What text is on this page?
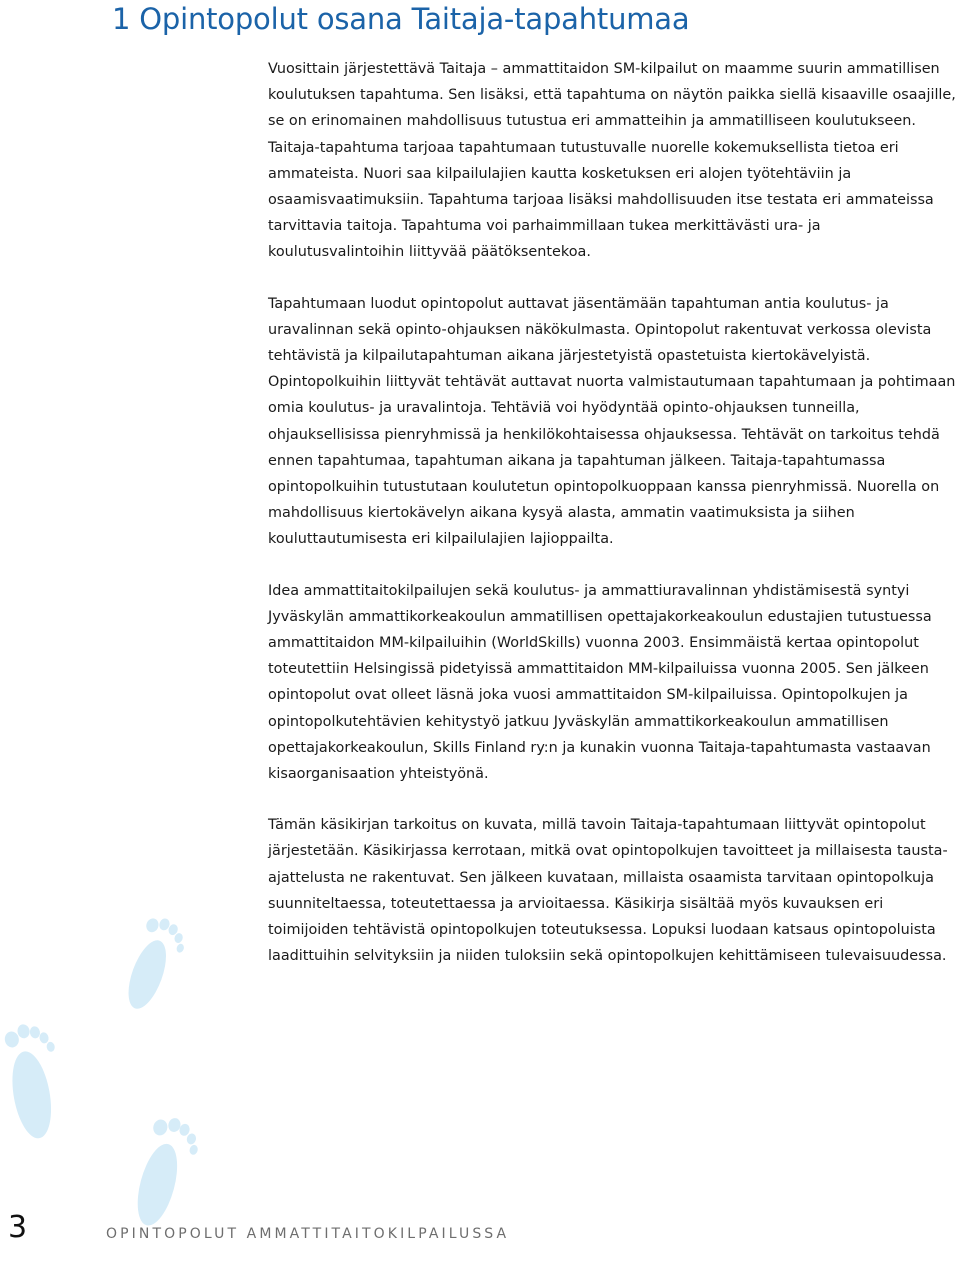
1 Opintopolut osana Taitaja-tapahtumaa

Vuosittain järjestettävä Taitaja – ammattitaidon SM-kilpailut on maamme suurin ammatillisen koulutuksen tapahtuma. Sen lisäksi, että tapahtuma on näytön paikka siellä kisaaville osaajille, se on erinomainen mahdollisuus tutustua eri ammatteihin ja ammatilliseen koulutukseen. Taitaja-tapahtuma tarjoaa tapahtumaan tutustuvalle nuorelle kokemuksellista tietoa eri ammateista. Nuori saa kilpailulajien kautta kosketuksen eri alojen työtehtäviin ja osaamisvaatimuksiin. Tapahtuma tarjoaa lisäksi mahdollisuuden itse testata eri ammateissa tarvittavia taitoja. Tapahtuma voi parhaimmillaan tukea merkittävästi ura- ja koulutusvalintoihin liittyvää päätöksentekoa.

Tapahtumaan luodut opintopolut auttavat jäsentämään tapahtuman antia koulutus- ja uravalinnan sekä opinto-ohjauksen näkökulmasta. Opintopolut rakentuvat verkossa olevista tehtävistä ja kilpailutapahtuman aikana järjestetyistä opastetuista kiertokävelyistä. Opintopolkuihin liittyvät tehtävät auttavat nuorta valmistautumaan tapahtumaan ja pohtimaan omia koulutus- ja uravalintoja. Tehtäviä voi hyödyntää opinto-ohjauksen tunneilla, ohjauksellisissa pienryhmissä ja henkilökohtaisessa ohjauksessa. Tehtävät on tarkoitus tehdä ennen tapahtumaa, tapahtuman aikana ja tapahtuman jälkeen. Taitaja-tapahtumassa opintopolkuihin tutustutaan koulutetun opintopolkuoppaan kanssa pienryhmissä. Nuorella on mahdollisuus kiertokävelyn aikana kysyä alasta, ammatin vaatimuksista ja siihen kouluttautumisesta eri kilpailulajien lajioppailta.

Idea ammattitaitokilpailujen sekä koulutus- ja ammattiuravalinnan yhdistämisestä syntyi Jyväskylän ammattikorkeakoulun ammatillisen opettajakorkeakoulun edustajien tutustuessa ammattitaidon MM-kilpailuihin (WorldSkills) vuonna 2003. Ensimmäistä kertaa opintopolut toteutettiin Helsingissä pidetyissä ammattitaidon MM-kilpailuissa vuonna 2005. Sen jälkeen opintopolut ovat olleet läsnä joka vuosi ammattitaidon SM-kilpailuissa. Opintopolkujen ja opintopolkutehtävien kehitystyö jatkuu Jyväskylän ammattikorkeakoulun ammatillisen opettajakorkeakoulun, Skills Finland ry:n ja kunakin vuonna Taitaja-tapahtumasta vastaavan kisaorganisaation yhteistyönä.

Tämän käsikirjan tarkoitus on kuvata, millä tavoin Taitaja-tapahtumaan liittyvät opintopolut järjestetään. Käsikirjassa kerrotaan, mitkä ovat opintopolkujen tavoitteet ja millaisesta tausta-ajattelusta ne rakentuvat. Sen jälkeen kuvataan, millaista osaamista tarvitaan opintopolkuja suunniteltaessa, toteutettaessa ja arvioitaessa. Käsikirja sisältää myös kuvauksen eri toimijoiden tehtävistä opintopolkujen toteutuksessa. Lopuksi luodaan katsaus opintopoluista laadittuihin selvityksiin ja niiden tuloksiin sekä opintopolkujen kehittämiseen tulevaisuudessa.

3	OPINTOPOLUT AMMATTITAITOKILPAILUSSA
